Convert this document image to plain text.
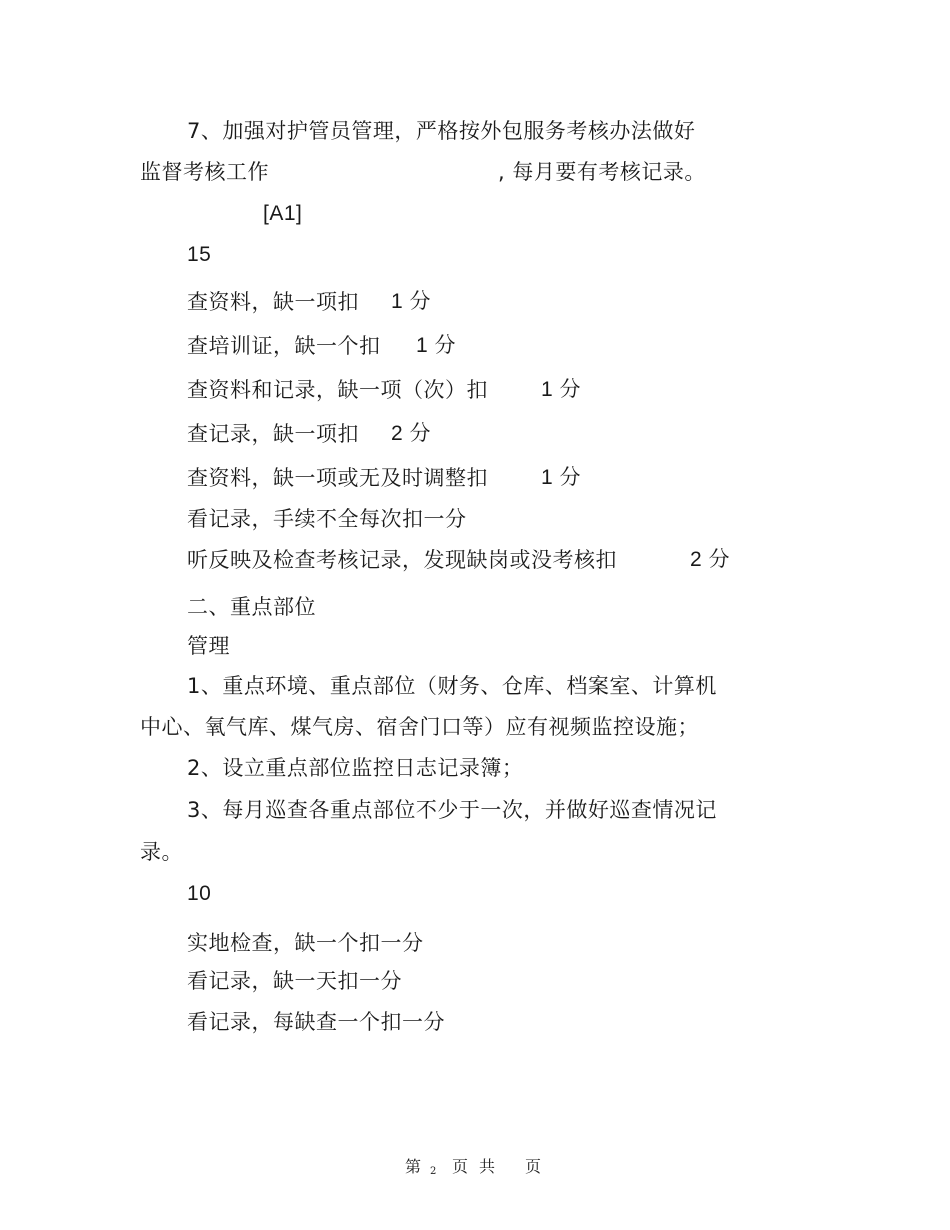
7、加强对护管员管理，严格按外包服务考核办法做好
监督考核工作	, 每月要有考核记录。
[A1]
15
查资料，缺一项扣 1 分
查培训证，缺一个扣 1 分
查资料和记录，缺一项（次）扣	1 分
查记录，缺一项扣 2 分
查资料，缺一项或无及时调整扣	1 分
看记录，手续不全每次扣一分
听反映及检查考核记录，发现缺岗或没考核扣	2 分
二、重点部位
管理
1、重点环境、重点部位（财务、仓库、档案室、计算机
中心、氧气库、煤气房、宿舍门口等）应有视频监控设施；
2、设立重点部位监控日志记录簿；
3、每月巡查各重点部位不少于一次，并做好巡查情况记
录。
10
实地检查，缺一个扣一分
看记录，缺一天扣一分
看记录，每缺查一个扣一分
第 2 页 共 页
